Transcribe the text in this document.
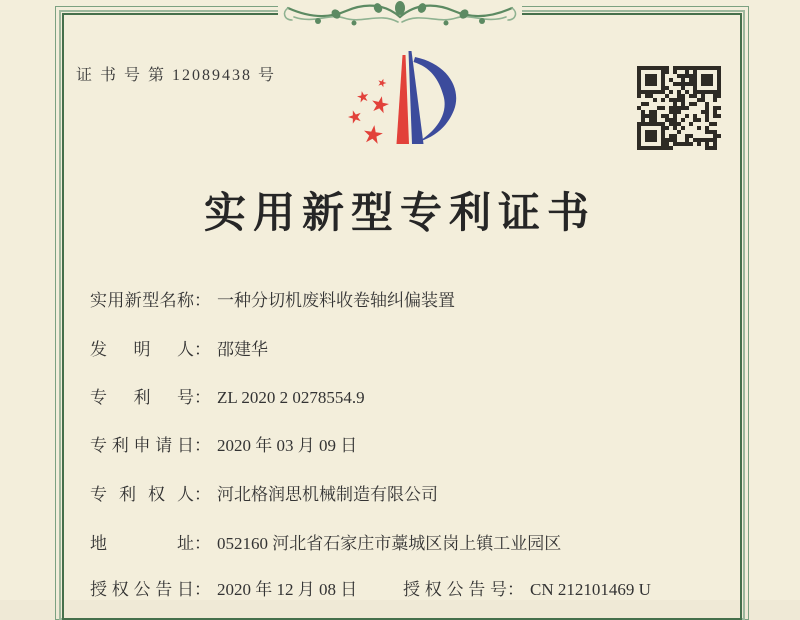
证 书 号 第 12089438 号
实用新型专利证书
实用新型名称： 一种分切机废料收卷轴纠偏装置
发明人： 邵建华
专利号： ZL 2020 2 0278554.9
专利申请日： 2020 年 03 月 09 日
专利权人： 河北格润思机械制造有限公司
地址： 052160 河北省石家庄市藁城区岗上镇工业园区
授权公告日： 2020 年 12 月 08 日	授权公告号： CN 212101469 U
